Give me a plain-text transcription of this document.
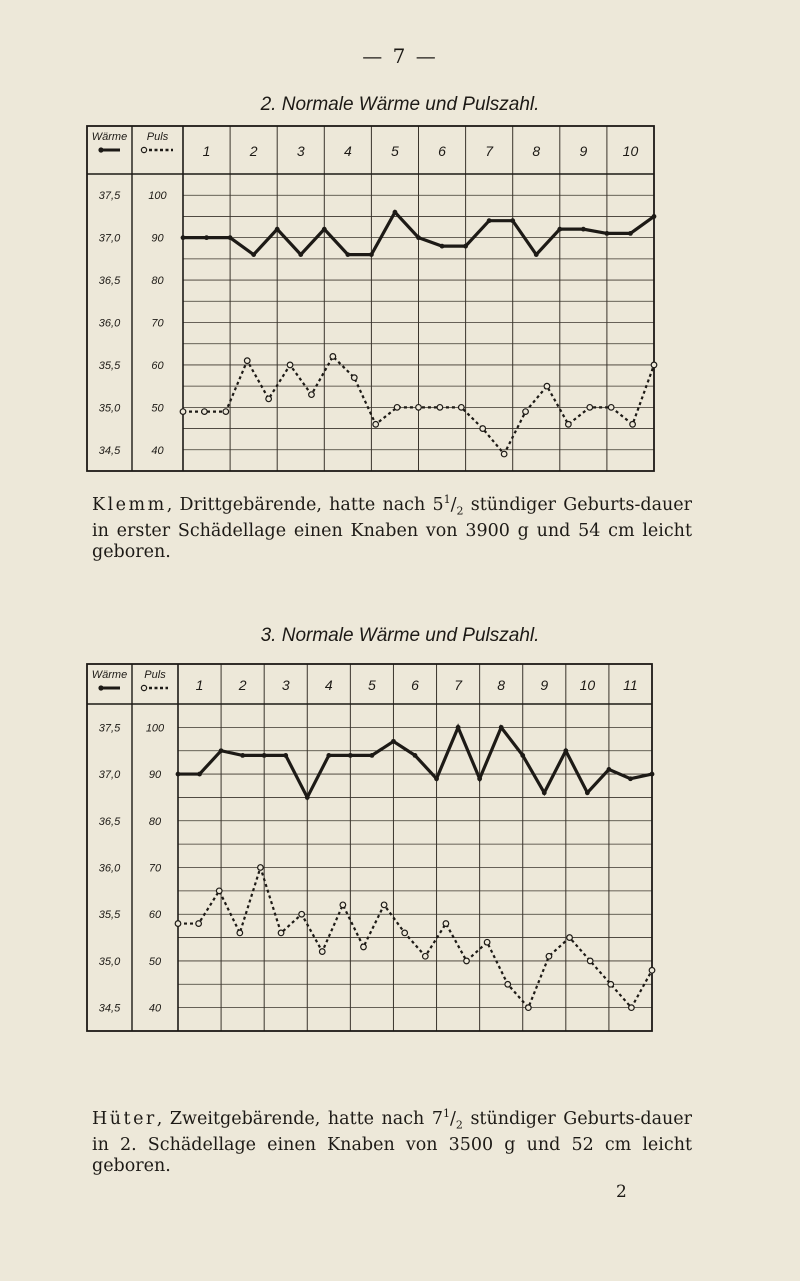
— 7 —
2. Normale Wärme und Pulszahl.
Wärme Puls
1	2	3	4	5	6	7	8	9	10
37,5
37,0
36,5
36,0
35,5
35,0
34,5
100
90
80
70
60
50
40
Klemm, Drittgebärende, hatte nach $5^1/_2$ stündiger Geburts-dauer in erster Schädellage einen Knaben von 3900 g und 54 cm leicht geboren.
3. Normale Wärme und Pulszahl.
Hüter, Zweitgebärende, hatte nach $7^1/_2$ stündiger Geburts-dauer in 2. Schädellage einen Knaben von 3500 g und 52 cm leicht geboren.
2
Wärme Puls
1	2	3	4	5	6	7	8	9 10 11
37,5
37,0
36,5
36,0
35,5
35,0
34,5
100
90
80
70
60
50
40
